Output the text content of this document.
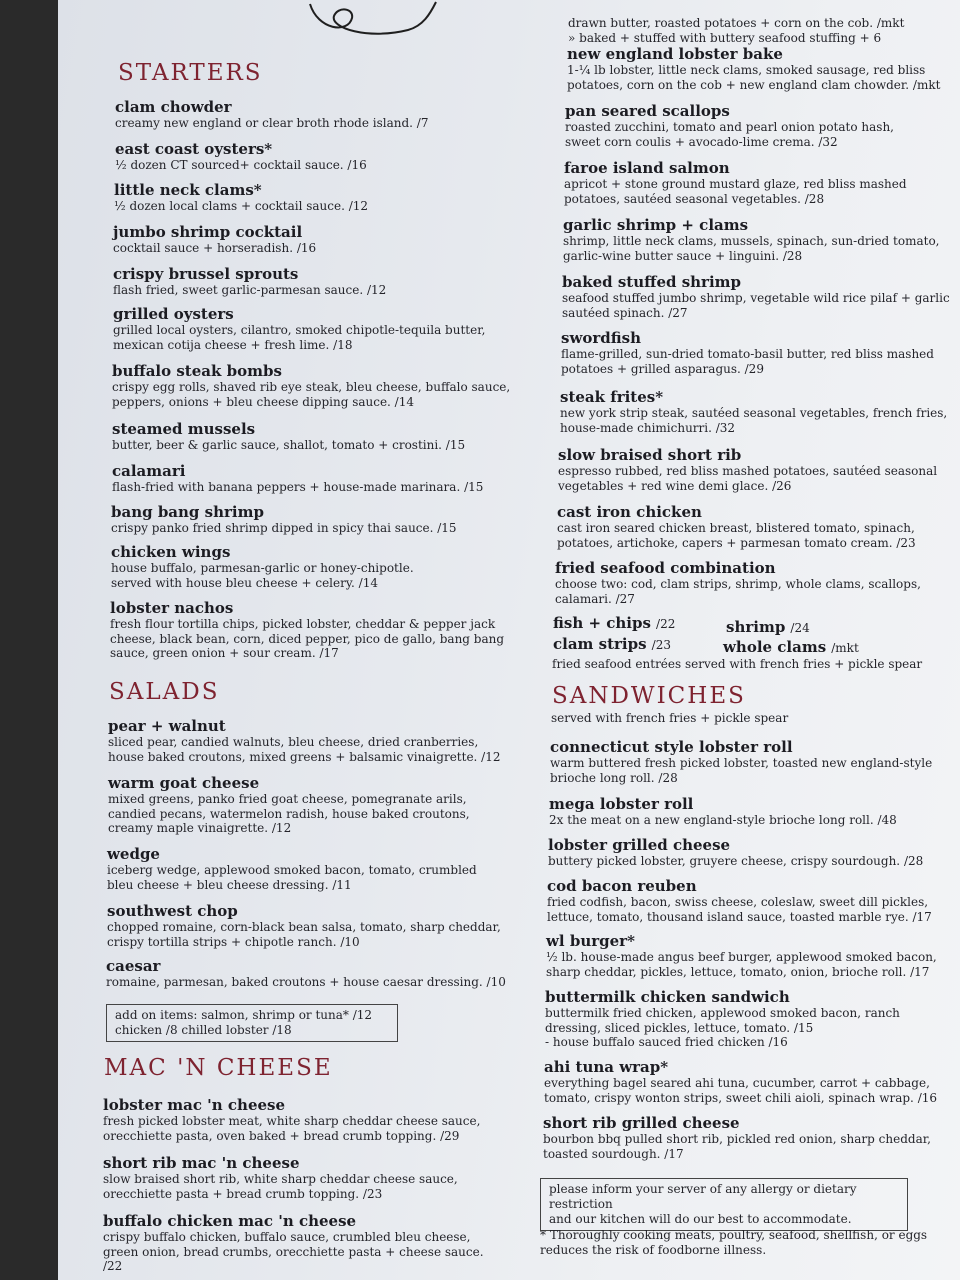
STARTERS
clam chowder
creamy new england or clear broth rhode island. /7
east coast oysters*
½ dozen CT sourced+ cocktail sauce. /16
little neck clams*
½ dozen local clams + cocktail sauce. /12
jumbo shrimp cocktail
cocktail sauce + horseradish. /16
crispy brussel sprouts
flash fried, sweet garlic-parmesan sauce. /12
grilled oysters
grilled local oysters, cilantro, smoked chipotle-tequila butter,
mexican cotija cheese + fresh lime. /18
buffalo steak bombs
crispy egg rolls, shaved rib eye steak, bleu cheese, buffalo sauce,
peppers, onions + bleu cheese dipping sauce. /14
steamed mussels
butter, beer & garlic sauce, shallot, tomato + crostini. /15
calamari
flash-fried with banana peppers + house-made marinara. /15
bang bang shrimp
crispy panko fried shrimp dipped in spicy thai sauce. /15
chicken wings
house buffalo, parmesan-garlic or honey-chipotle.
served with house bleu cheese + celery. /14
lobster nachos
fresh flour tortilla chips, picked lobster, cheddar & pepper jack
cheese, black bean, corn, diced pepper, pico de gallo, bang bang
sauce, green onion + sour cream. /17
SALADS
pear + walnut
sliced pear, candied walnuts, bleu cheese, dried cranberries,
house baked croutons, mixed greens + balsamic vinaigrette. /12
warm goat cheese
mixed greens, panko fried goat cheese, pomegranate arils,
candied pecans, watermelon radish, house baked croutons,
creamy maple vinaigrette. /12
wedge
iceberg wedge, applewood smoked bacon, tomato, crumbled
bleu cheese + bleu cheese dressing. /11
southwest chop
chopped romaine, corn-black bean salsa, tomato, sharp cheddar,
crispy tortilla strips + chipotle ranch. /10
caesar
romaine, parmesan, baked croutons + house caesar dressing. /10
add on items: salmon, shrimp or tuna* /12
chicken /8 chilled lobster /18
MAC 'N CHEESE
lobster mac 'n cheese
fresh picked lobster meat, white sharp cheddar cheese sauce,
orecchiette pasta, oven baked + bread crumb topping. /29
short rib mac 'n cheese
slow braised short rib, white sharp cheddar cheese sauce,
orecchiette pasta + bread crumb topping. /23
buffalo chicken mac 'n cheese
crispy buffalo chicken, buffalo sauce, crumbled bleu cheese,
green onion, bread crumbs, orecchiette pasta + cheese sauce. /22
drawn butter, roasted potatoes + corn on the cob. /mkt
» baked + stuffed with buttery seafood stuffing + 6
new england lobster bake
1-¼ lb lobster, little neck clams, smoked sausage, red bliss
potatoes, corn on the cob + new england clam chowder. /mkt
pan seared scallops
roasted zucchini, tomato and pearl onion potato hash,
sweet corn coulis + avocado-lime crema. /32
faroe island salmon
apricot + stone ground mustard glaze, red bliss mashed
potatoes, sautéed seasonal vegetables. /28
garlic shrimp + clams
shrimp, little neck clams, mussels, spinach, sun-dried tomato,
garlic-wine butter sauce + linguini. /28
baked stuffed shrimp
seafood stuffed jumbo shrimp, vegetable wild rice pilaf + garlic
sautéed spinach. /27
swordfish
flame-grilled, sun-dried tomato-basil butter, red bliss mashed
potatoes + grilled asparagus. /29
steak frites*
new york strip steak, sautéed seasonal vegetables, french fries,
house-made chimichurri. /32
slow braised short rib
espresso rubbed, red bliss mashed potatoes, sautéed seasonal
vegetables + red wine demi glace. /26
cast iron chicken
cast iron seared chicken breast, blistered tomato, spinach,
potatoes, artichoke, capers + parmesan tomato cream. /23
fried seafood combination
choose two: cod, clam strips, shrimp, whole clams, scallops,
calamari. /27
fish + chips /22	shrimp /24
clam strips /23	whole clams /mkt
fried seafood entrées served with french fries + pickle spear
SANDWICHES
served with french fries + pickle spear
connecticut style lobster roll
warm buttered fresh picked lobster, toasted new england-style
brioche long roll. /28
mega lobster roll
2x the meat on a new england-style brioche long roll. /48
lobster grilled cheese
buttery picked lobster, gruyere cheese, crispy sourdough. /28
cod bacon reuben
fried codfish, bacon, swiss cheese, coleslaw, sweet dill pickles,
lettuce, tomato, thousand island sauce, toasted marble rye. /17
wl burger*
½ lb. house-made angus beef burger, applewood smoked bacon,
sharp cheddar, pickles, lettuce, tomato, onion, brioche roll. /17
buttermilk chicken sandwich
buttermilk fried chicken, applewood smoked bacon, ranch
dressing, sliced pickles, lettuce, tomato. /15
- house buffalo sauced fried chicken /16
ahi tuna wrap*
everything bagel seared ahi tuna, cucumber, carrot + cabbage,
tomato, crispy wonton strips, sweet chili aioli, spinach wrap. /16
short rib grilled cheese
bourbon bbq pulled short rib, pickled red onion, sharp cheddar,
toasted sourdough. /17
please inform your server of any allergy or dietary restriction
and our kitchen will do our best to accommodate.
* Thoroughly cooking meats, poultry, seafood, shellfish, or eggs
reduces the risk of foodborne illness.
